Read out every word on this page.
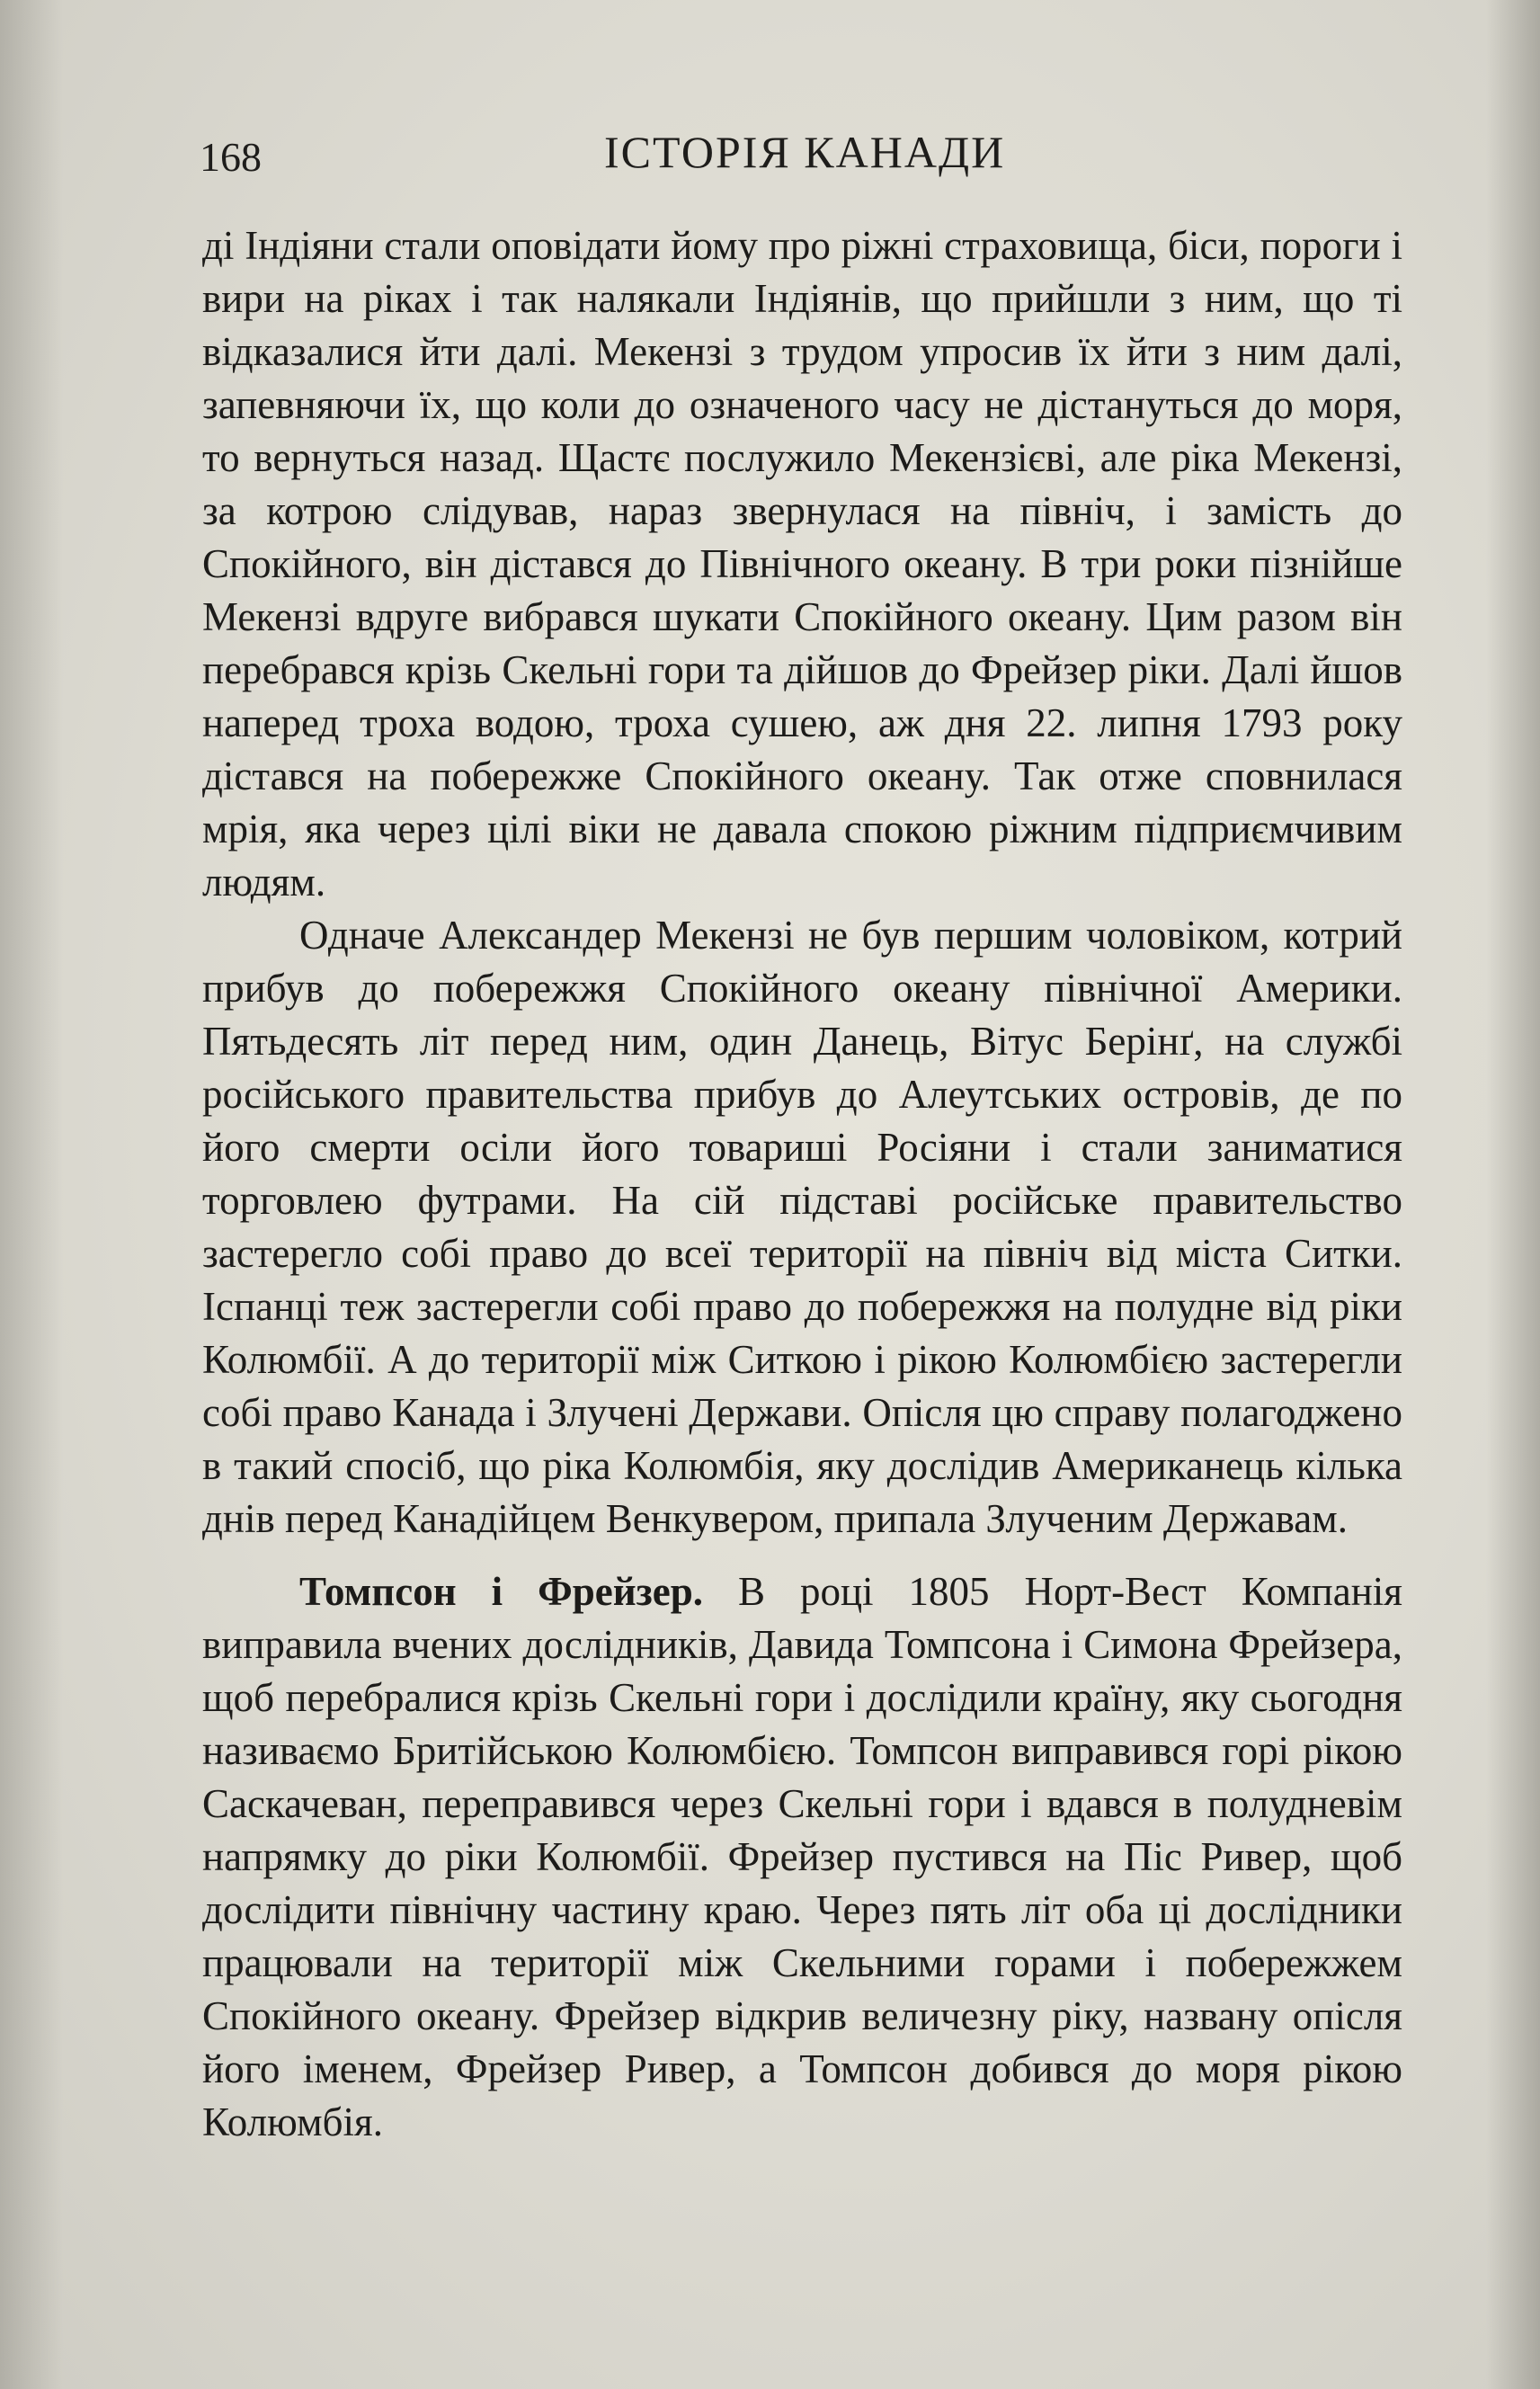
168	ІСТОРІЯ КАНАДИ

ді Індіяни стали оповідати йому про ріжні страховища, біси, пороги і вири на ріках і так налякали Індіянів, що прийшли з ним, що ті відказалися йти далі. Мекензі з трудом упросив їх йти з ним далі, запевняючи їх, що коли до означеного часу не дістануться до моря, то вернуться назад. Щастє послужило Мекензієві, але ріка Мекензі, за котрою слідував, нараз звернулася на північ, і замість до Спокійного, він дістався до Північного океану. В три роки пізнійше Мекензі вдруге вибрався шукати Спокійного океану. Цим разом він перебрався крізь Скельні гори та дійшов до Фрейзер ріки. Далі йшов наперед троха водою, троха сушею, аж дня 22. липня 1793 року дістався на побережже Спокійного океану. Так отже сповнилася мрія, яка через цілі віки не давала спокою ріжним підприємчивим людям.

Одначе Александер Мекензі не був першим чоловіком, котрий прибув до побережжя Спокійного океану північної Америки. Пятьдесять літ перед ним, один Данець, Вітус Берінґ, на службі російського правительства прибув до Алеутських островів, де по його смерти осіли його товариші Росіяни і стали заниматися торговлею футрами. На сій підставі російське правительство застерегло собі право до всеї території на північ від міста Ситки. Іспанці теж застерегли собі право до побережжя на полудне від ріки Колюмбії. А до території між Ситкою і рікою Колюмбією застерегли собі право Канада і Злучені Держави. Опісля цю справу полагоджено в такий спосіб, що ріка Колюмбія, яку дослідив Американець кілька днів перед Канадійцем Венкувером, припала Злученим Державам.

Томпсон і Фрейзер. В році 1805 Норт-Вест Компанія виправила вчених дослідників, Давида Томпсона і Симона Фрейзера, щоб перебралися крізь Скельні гори і дослідили країну, яку сьогодня називаємо Бритійською Колюмбією. Томпсон виправився горі рікою Саскачеван, переправився через Скельні гори і вдався в полудневім напрямку до ріки Колюмбії. Фрейзер пустився на Піс Ривер, щоб дослідити північну частину краю. Через пять літ оба ці дослідники працювали на території між Скельними горами і побережжем Спокійного океану. Фрейзер відкрив величезну ріку, названу опісля його іменем, Фрейзер Ривер, а Томпсон добився до моря рікою Колюмбія.
